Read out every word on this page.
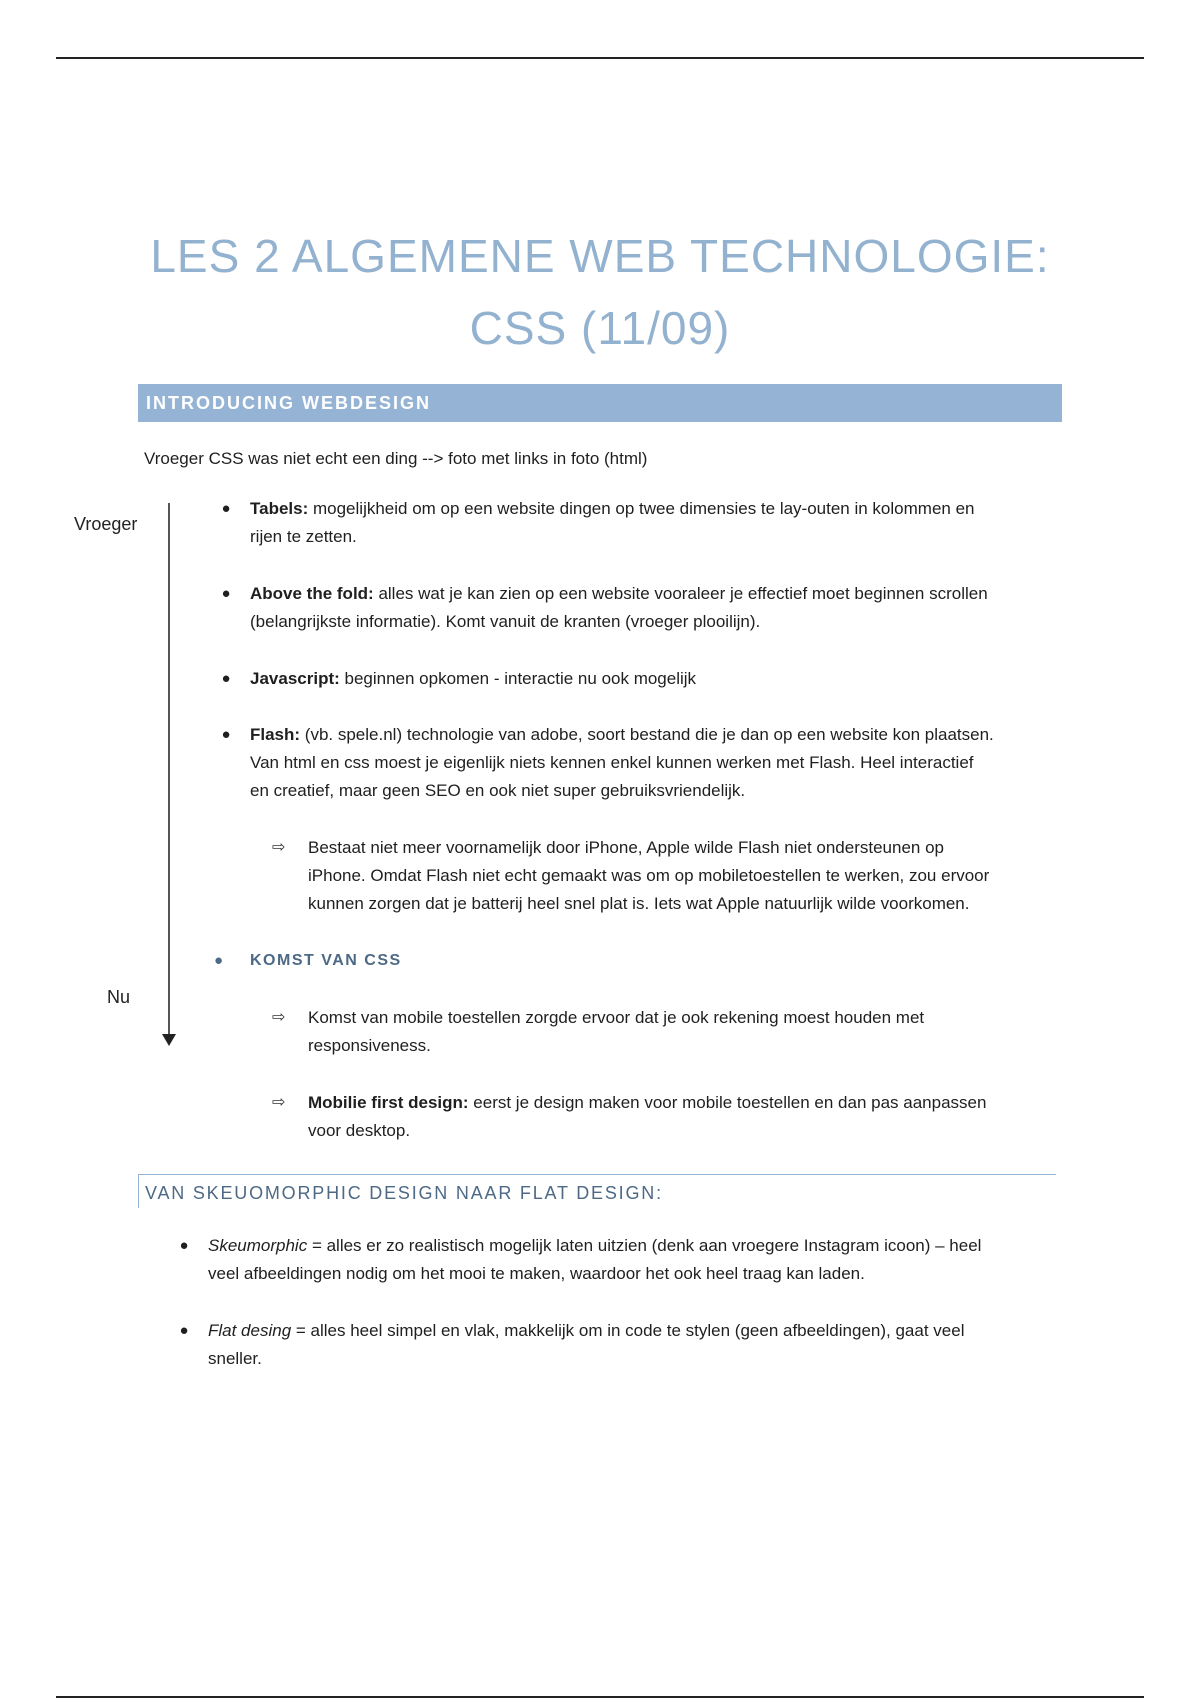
LES 2 ALGEMENE WEB TECHNOLOGIE:
CSS (11/09)
INTRODUCING WEBDESIGN
Vroeger CSS was niet echt een ding --> foto met links in foto (html)
Vroeger
Nu
●	Tabels: mogelijkheid om op een website dingen op twee dimensies te lay-outen in kolommen en
rijen te zetten.
●	Above the fold: alles wat je kan zien op een website vooraleer je effectief moet beginnen scrollen
(belangrijkste informatie). Komt vanuit de kranten (vroeger plooilijn).
●	Javascript: beginnen opkomen - interactie nu ook mogelijk
●	Flash: (vb. spele.nl) technologie van adobe, soort bestand die je dan op een website kon plaatsen.
Van html en css moest je eigenlijk niets kennen enkel kunnen werken met Flash. Heel interactief
en creatief, maar geen SEO en ook niet super gebruiksvriendelijk.
⇨ Bestaat niet meer voornamelijk door iPhone, Apple wilde Flash niet ondersteunen op
iPhone. Omdat Flash niet echt gemaakt was om op mobiletoestellen te werken, zou ervoor
kunnen zorgen dat je batterij heel snel plat is. Iets wat Apple natuurlijk wilde voorkomen.
● KOMST VAN CSS
⇨ Komst van mobile toestellen zorgde ervoor dat je ook rekening moest houden met
responsiveness.
⇨ Mobilie first design: eerst je design maken voor mobile toestellen en dan pas aanpassen
voor desktop.
VAN SKEUOMORPHIC DESIGN NAAR FLAT DESIGN:
●	Skeumorphic = alles er zo realistisch mogelijk laten uitzien (denk aan vroegere Instagram icoon) – heel
veel afbeeldingen nodig om het mooi te maken, waardoor het ook heel traag kan laden.
●	Flat desing = alles heel simpel en vlak, makkelijk om in code te stylen (geen afbeeldingen), gaat veel
sneller.
